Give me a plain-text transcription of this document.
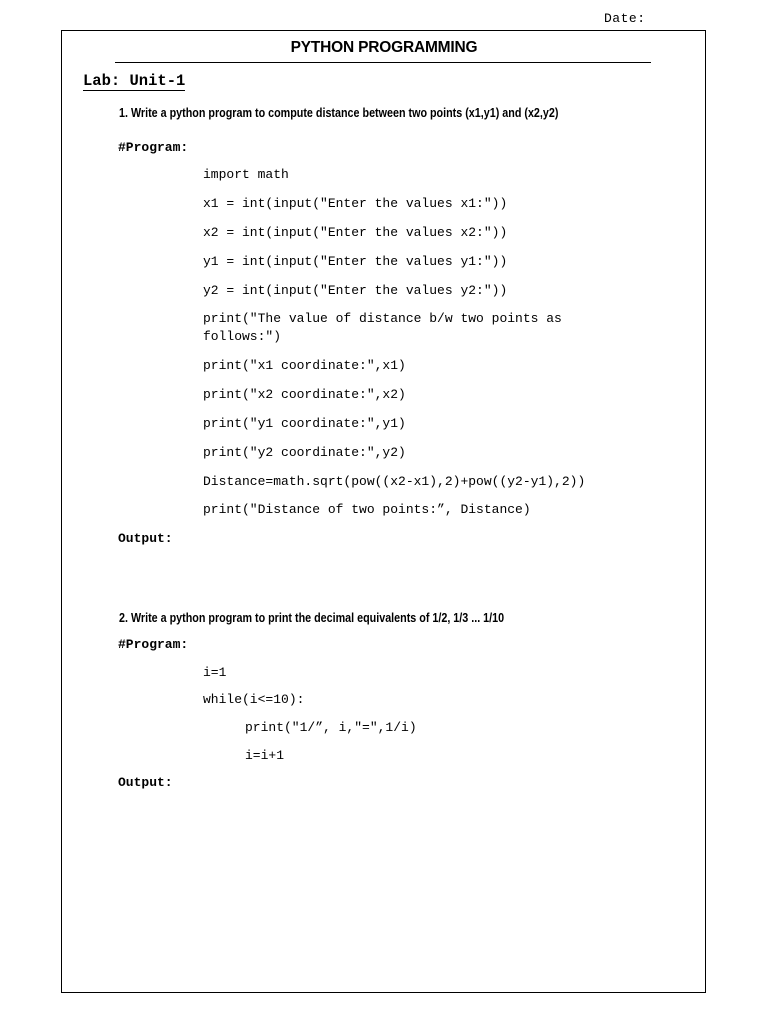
Date:
PYTHON PROGRAMMING
Lab: Unit-1
1. Write a python program to compute distance between two points (x1,y1) and (x2,y2)
#Program:
import math
x1 = int(input("Enter the values x1:"))
x2 = int(input("Enter the values x2:"))
y1 = int(input("Enter the values y1:"))
y2 = int(input("Enter the values y2:"))
print("The value of distance b/w two points as
follows:")
print("x1 coordinate:",x1)
print("x2 coordinate:",x2)
print("y1 coordinate:",y1)
print("y2 coordinate:",y2)
Distance=math.sqrt(pow((x2-x1),2)+pow((y2-y1),2))
print("Distance of two points:”, Distance)
Output:
2. Write a python program to print the decimal equivalents of 1/2, 1/3 ... 1/10
#Program:
i=1
while(i<=10):
print("1/”, i,"=",1/i)
i=i+1
Output:
